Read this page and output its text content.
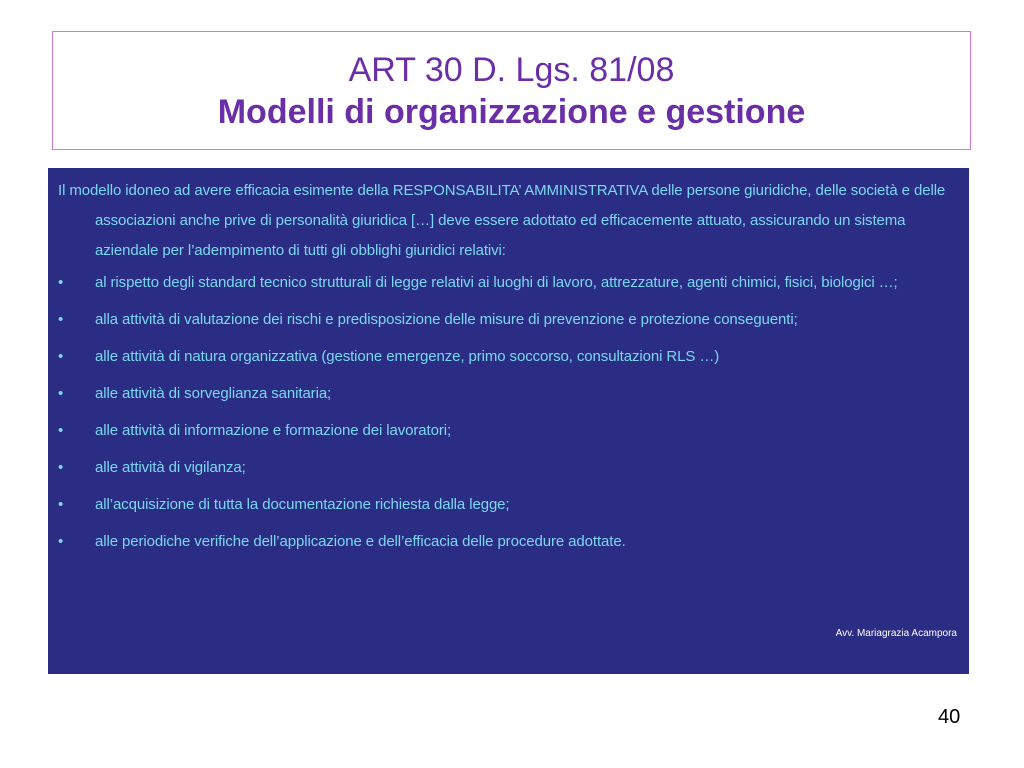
ART 30 D. Lgs. 81/08
Modelli di organizzazione e gestione

Il modello idoneo ad avere efficacia esimente della RESPONSABILITA’ AMMINISTRATIVA delle persone giuridiche, delle società e delle associazioni anche prive di personalità giuridica […] deve essere adottato ed efficacemente attuato, assicurando un sistema aziendale per l’adempimento di tutti gli obblighi giuridici relativi:

•	al rispetto degli standard tecnico strutturali di legge relativi ai luoghi di lavoro, attrezzature, agenti chimici, fisici, biologici …;
•	alla attività di valutazione dei rischi e predisposizione delle misure di prevenzione e protezione conseguenti;
•	alle attività di natura organizzativa (gestione emergenze, primo soccorso, consultazioni RLS …)
•	alle attività di sorveglianza sanitaria;
•	alle attività di informazione e formazione dei lavoratori;
•	alle attività di vigilanza;
•	all’acquisizione di tutta la documentazione richiesta dalla legge;
•	alle periodiche verifiche dell’applicazione e dell’efficacia delle procedure adottate.
Avv. Mariagrazia Acampora
40
